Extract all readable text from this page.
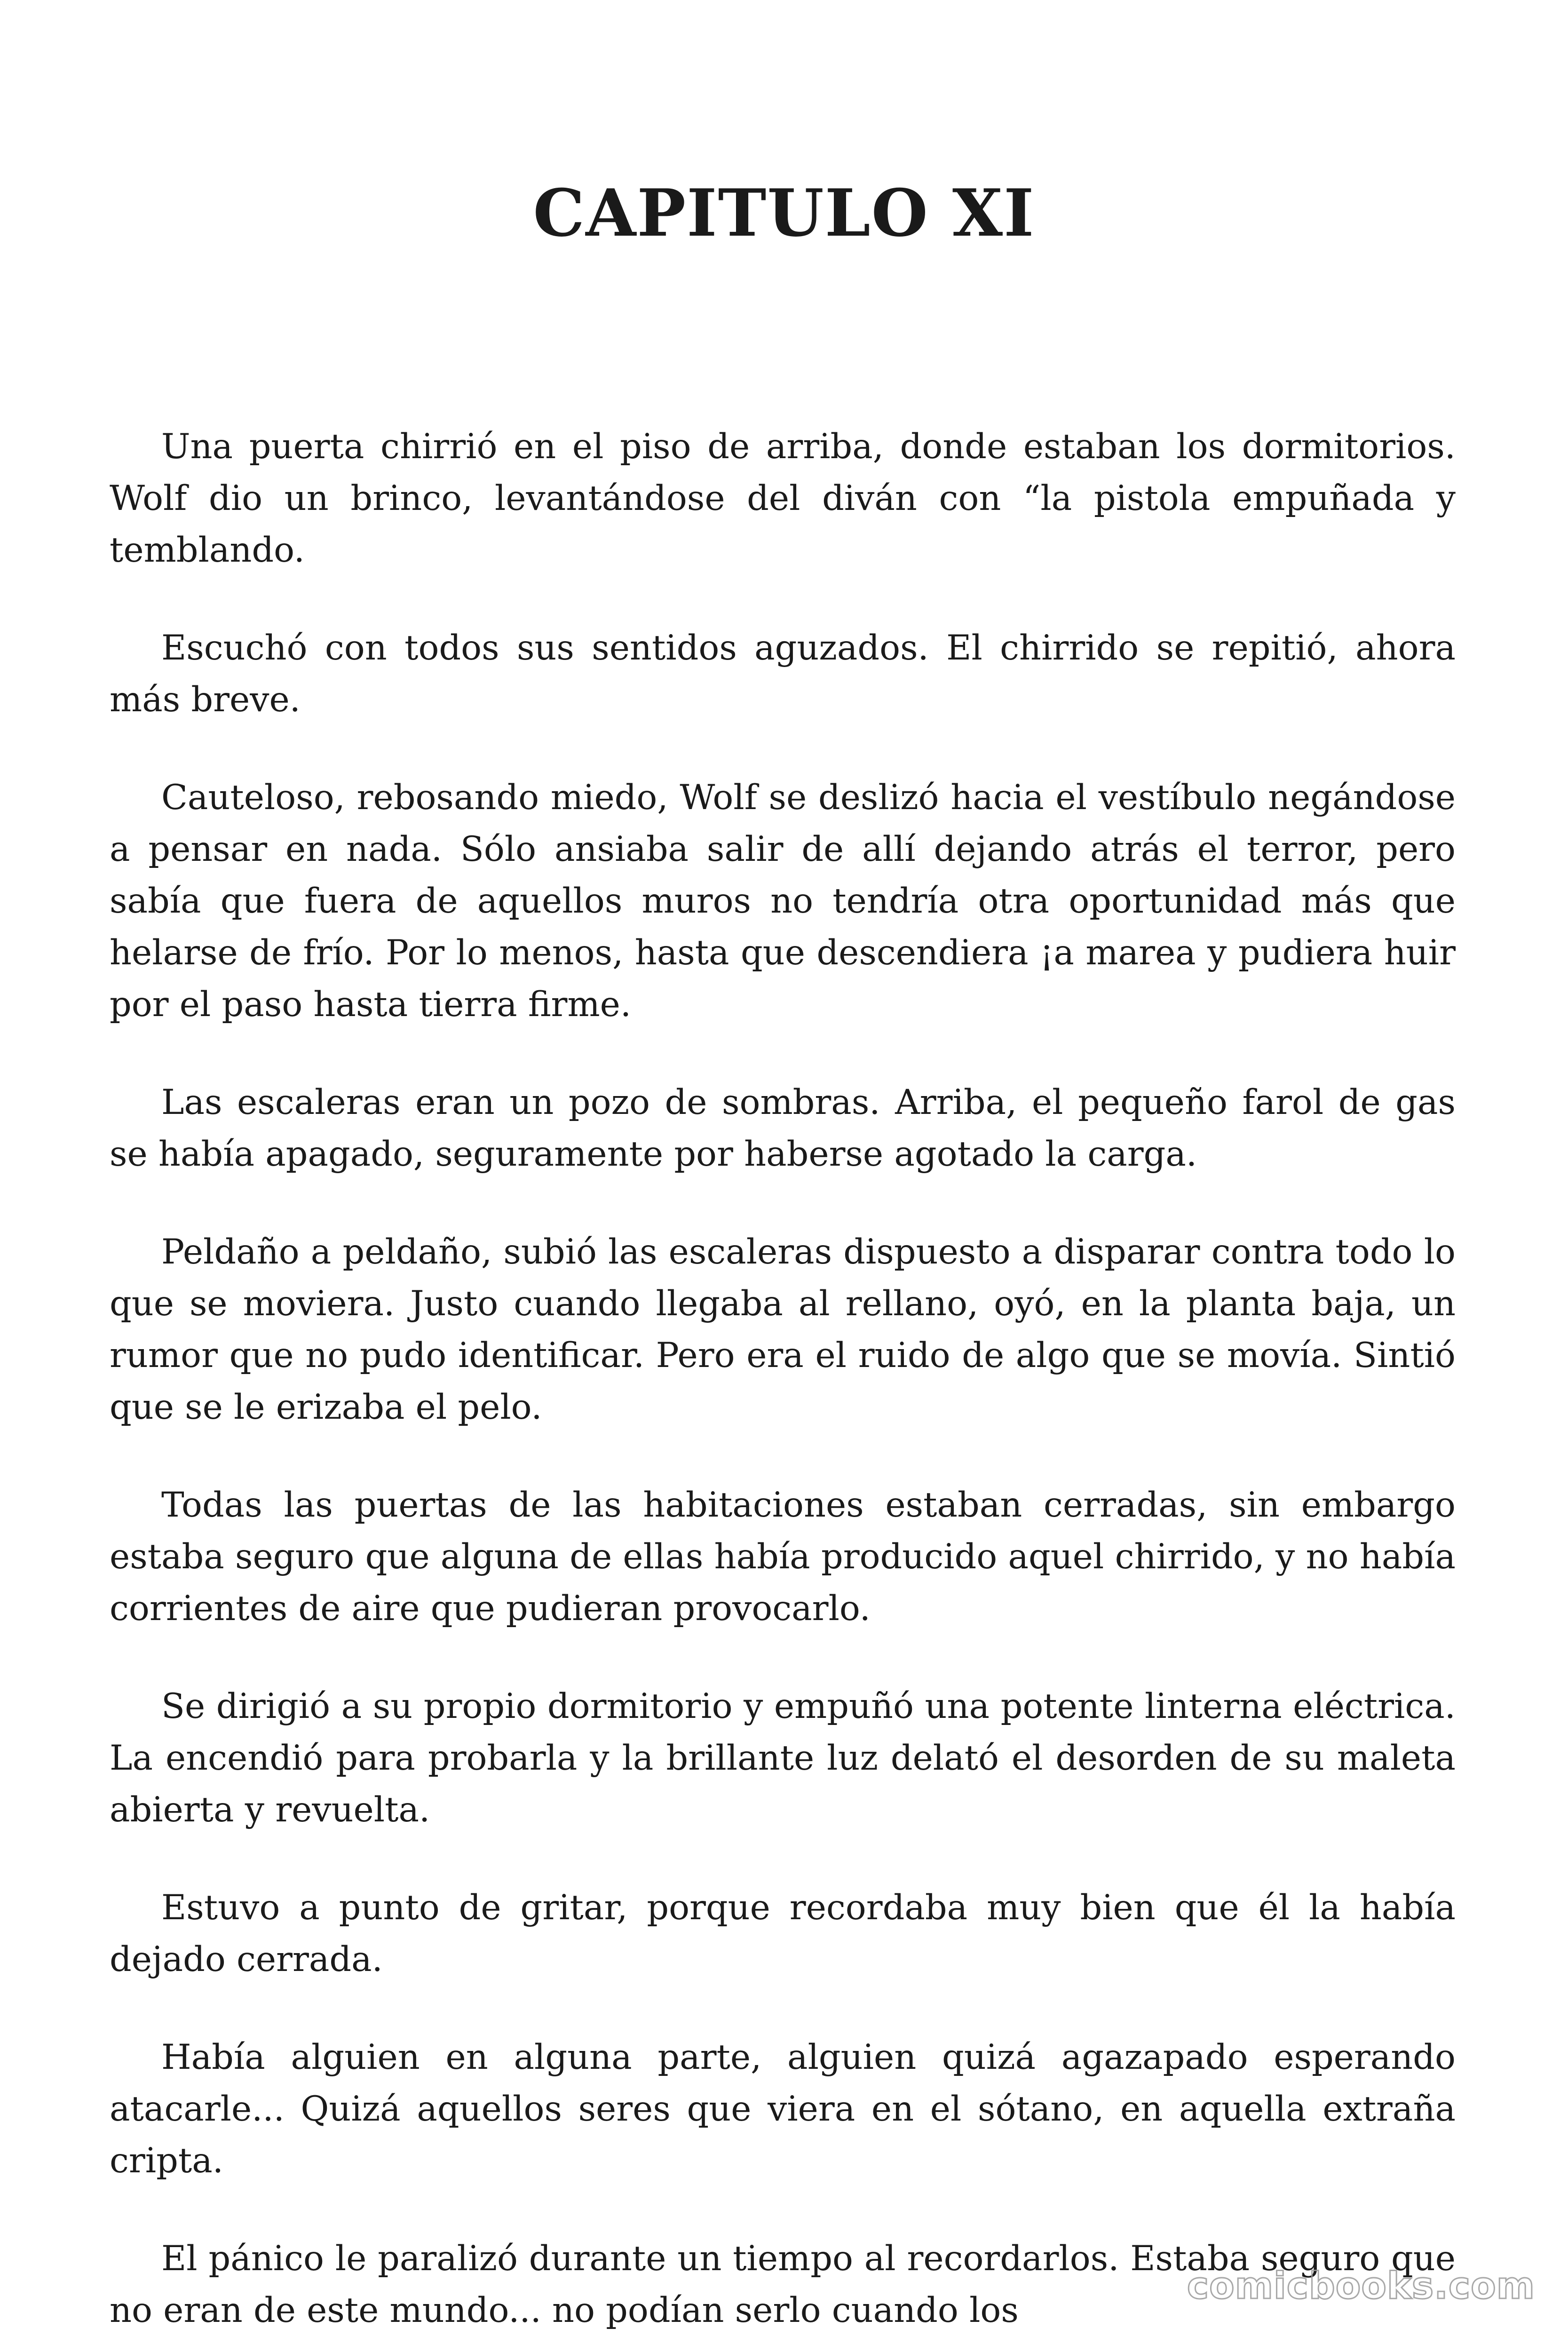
CAPITULO XI

Una puerta chirrió en el piso de arriba, donde estaban los dormitorios. Wolf dio un brinco, levantándose del diván con “la pistola empuñada y temblando.

Escuchó con todos sus sentidos aguzados. El chirrido se repitió, ahora más breve.

Cauteloso, rebosando miedo, Wolf se deslizó hacia el vestíbulo negándose a pensar en nada. Sólo ansiaba salir de allí dejando atrás el terror, pero sabía que fuera de aquellos muros no tendría otra oportunidad más que helarse de frío. Por lo menos, hasta que descendiera ¡a marea y pudiera huir por el paso hasta tierra firme.

Las escaleras eran un pozo de sombras. Arriba, el pequeño farol de gas se había apagado, seguramente por haberse agotado la carga.

Peldaño a peldaño, subió las escaleras dispuesto a disparar contra todo lo que se moviera. Justo cuando llegaba al rellano, oyó, en la planta baja, un rumor que no pudo identificar. Pero era el ruido de algo que se movía. Sintió que se le erizaba el pelo.

Todas las puertas de las habitaciones estaban cerradas, sin embargo estaba seguro que alguna de ellas había producido aquel chirrido, y no había corrientes de aire que pudieran provocarlo.

Se dirigió a su propio dormitorio y empuñó una potente linterna eléctrica. La encendió para probarla y la brillante luz delató el desorden de su maleta abierta y revuelta.

Estuvo a punto de gritar, porque recordaba muy bien que él la había dejado cerrada.

Había alguien en alguna parte, alguien quizá agazapado esperando atacarle... Quizá aquellos seres que viera en el sótano, en aquella extraña cripta.

El pánico le paralizó durante un tiempo al recordarlos. Estaba seguro que no eran de este mundo... no podían serlo cuando los

comicbooks.com
